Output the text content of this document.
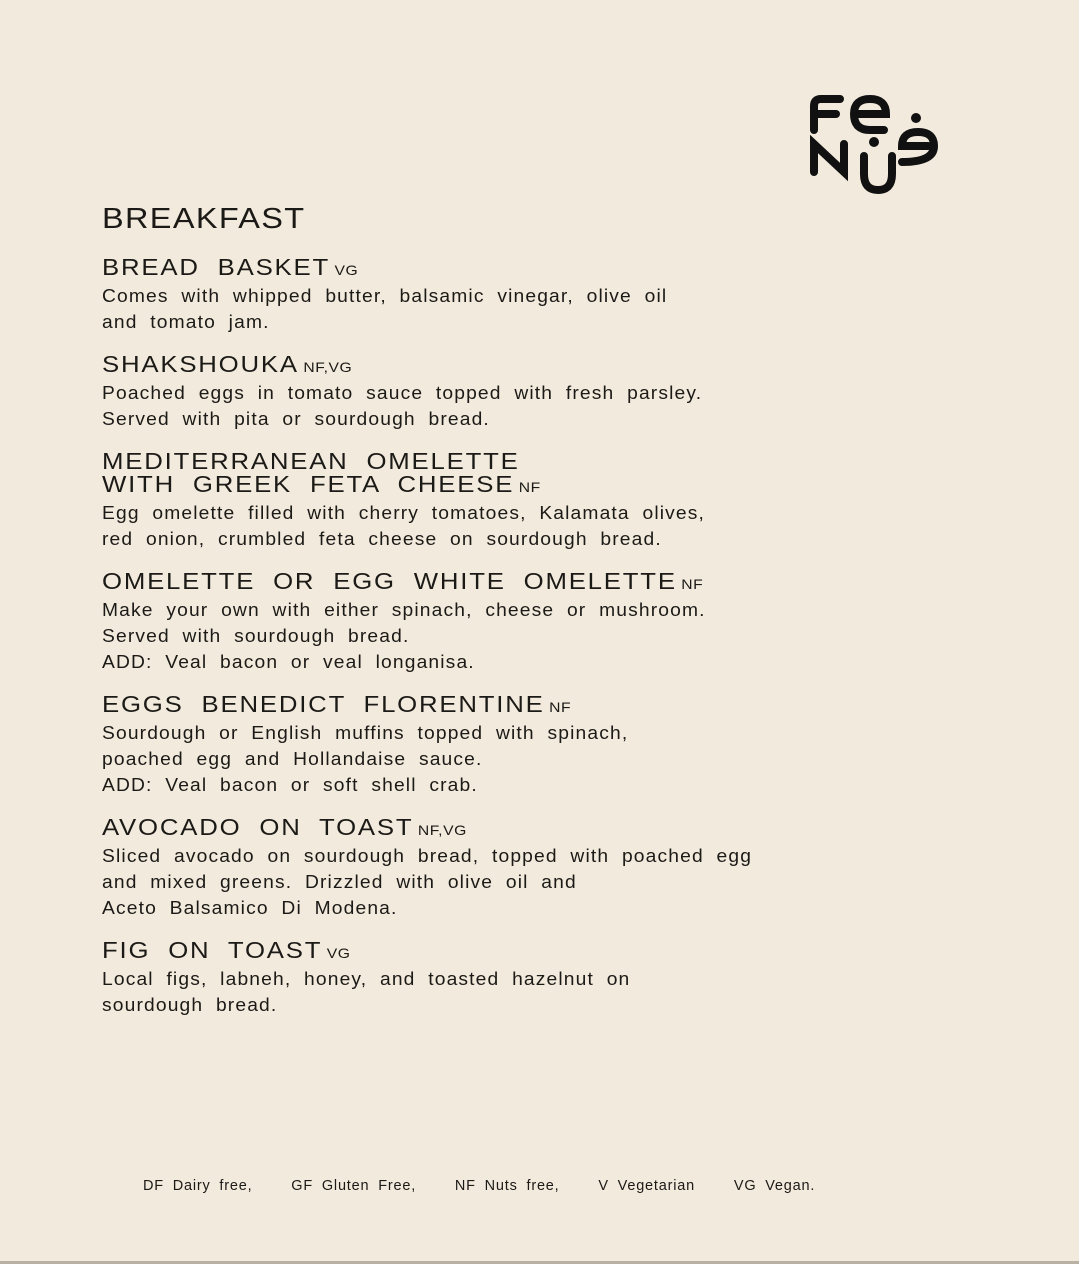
BREAKFAST
BREAD BASKET VG
Comes with whipped butter, balsamic vinegar, olive oil
and tomato jam.
SHAKSHOUKA NF,VG
Poached eggs in tomato sauce topped with fresh parsley.
Served with pita or sourdough bread.
MEDITERRANEAN OMELETTE
WITH GREEK FETA CHEESE NF
Egg omelette filled with cherry tomatoes, Kalamata olives,
red onion, crumbled feta cheese on sourdough bread.
OMELETTE OR EGG WHITE OMELETTE NF
Make your own with either spinach, cheese or mushroom.
Served with sourdough bread.
ADD: Veal bacon or veal longanisa.
EGGS BENEDICT FLORENTINE NF
Sourdough or English muffins topped with spinach,
poached egg and Hollandaise sauce.
ADD: Veal bacon or soft shell crab.
AVOCADO ON TOAST NF,VG
Sliced avocado on sourdough bread, topped with poached egg
and mixed greens. Drizzled with olive oil and
Aceto Balsamico Di Modena.
FIG ON TOAST VG
Local figs, labneh, honey, and toasted hazelnut on
sourdough bread.
DF Dairy free,	GF Gluten Free,	NF Nuts free,	V Vegetarian	VG Vegan.
